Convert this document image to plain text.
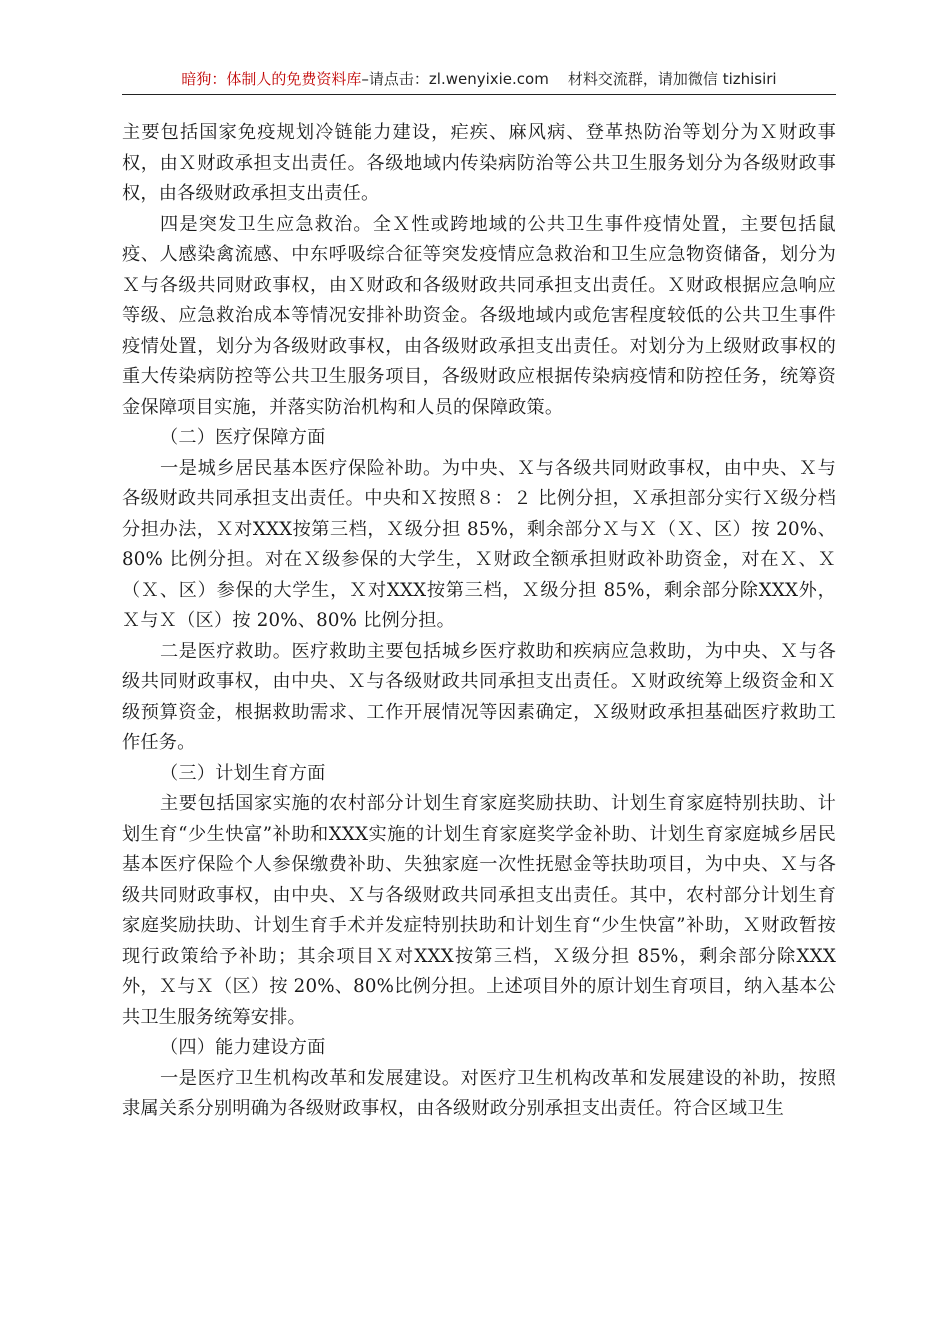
暗狗：体制人的免费资料库–请点击：zl.wenyixie.com 材料交流群，请加微信 tizhisiri

主要包括国家免疫规划冷链能力建设，疟疾、麻风病、登革热防治等划分为Ｘ财政事权，由Ｘ财政承担支出责任。各级地域内传染病防治等公共卫生服务划分为各级财政事权，由各级财政承担支出责任。

四是突发卫生应急救治。全Ｘ性或跨地域的公共卫生事件疫情处置，主要包括鼠疫、人感染禽流感、中东呼吸综合征等突发疫情应急救治和卫生应急物资储备，划分为Ｘ与各级共同财政事权，由Ｘ财政和各级财政共同承担支出责任。Ｘ财政根据应急响应等级、应急救治成本等情况安排补助资金。各级地域内或危害程度较低的公共卫生事件疫情处置，划分为各级财政事权，由各级财政承担支出责任。对划分为上级财政事权的重大传染病防控等公共卫生服务项目，各级财政应根据传染病疫情和防控任务，统筹资金保障项目实施，并落实防治机构和人员的保障政策。

（二）医疗保障方面

一是城乡居民基本医疗保险补助。为中央、Ｘ与各级共同财政事权，由中央、Ｘ与各级财政共同承担支出责任。中央和Ｘ按照８：２ 比例分担，Ｘ承担部分实行Ｘ级分档分担办法，Ｘ对XXX按第三档，Ｘ级分担 85%，剩余部分Ｘ与Ｘ（Ｘ、区）按 20%、80% 比例分担。对在Ｘ级参保的大学生，Ｘ财政全额承担财政补助资金，对在Ｘ、Ｘ（Ｘ、区）参保的大学生，Ｘ对XXX按第三档，Ｘ级分担 85%，剩余部分除XXX外，Ｘ与Ｘ（区）按 20%、80% 比例分担。

二是医疗救助。医疗救助主要包括城乡医疗救助和疾病应急救助，为中央、Ｘ与各级共同财政事权，由中央、Ｘ与各级财政共同承担支出责任。Ｘ财政统筹上级资金和Ｘ级预算资金，根据救助需求、工作开展情况等因素确定，Ｘ级财政承担基础医疗救助工作任务。

（三）计划生育方面

主要包括国家实施的农村部分计划生育家庭奖励扶助、计划生育家庭特别扶助、计划生育“少生快富”补助和XXX实施的计划生育家庭奖学金补助、计划生育家庭城乡居民基本医疗保险个人参保缴费补助、失独家庭一次性抚慰金等扶助项目，为中央、Ｘ与各级共同财政事权，由中央、Ｘ与各级财政共同承担支出责任。其中，农村部分计划生育家庭奖励扶助、计划生育手术并发症特别扶助和计划生育“少生快富”补助，Ｘ财政暂按现行政策给予补助；其余项目Ｘ对XXX按第三档，Ｘ级分担 85%，剩余部分除XXX外，Ｘ与Ｘ（区）按 20%、80%比例分担。上述项目外的原计划生育项目，纳入基本公共卫生服务统筹安排。

（四）能力建设方面

一是医疗卫生机构改革和发展建设。对医疗卫生机构改革和发展建设的补助，按照隶属关系分别明确为各级财政事权，由各级财政分别承担支出责任。符合区域卫生
